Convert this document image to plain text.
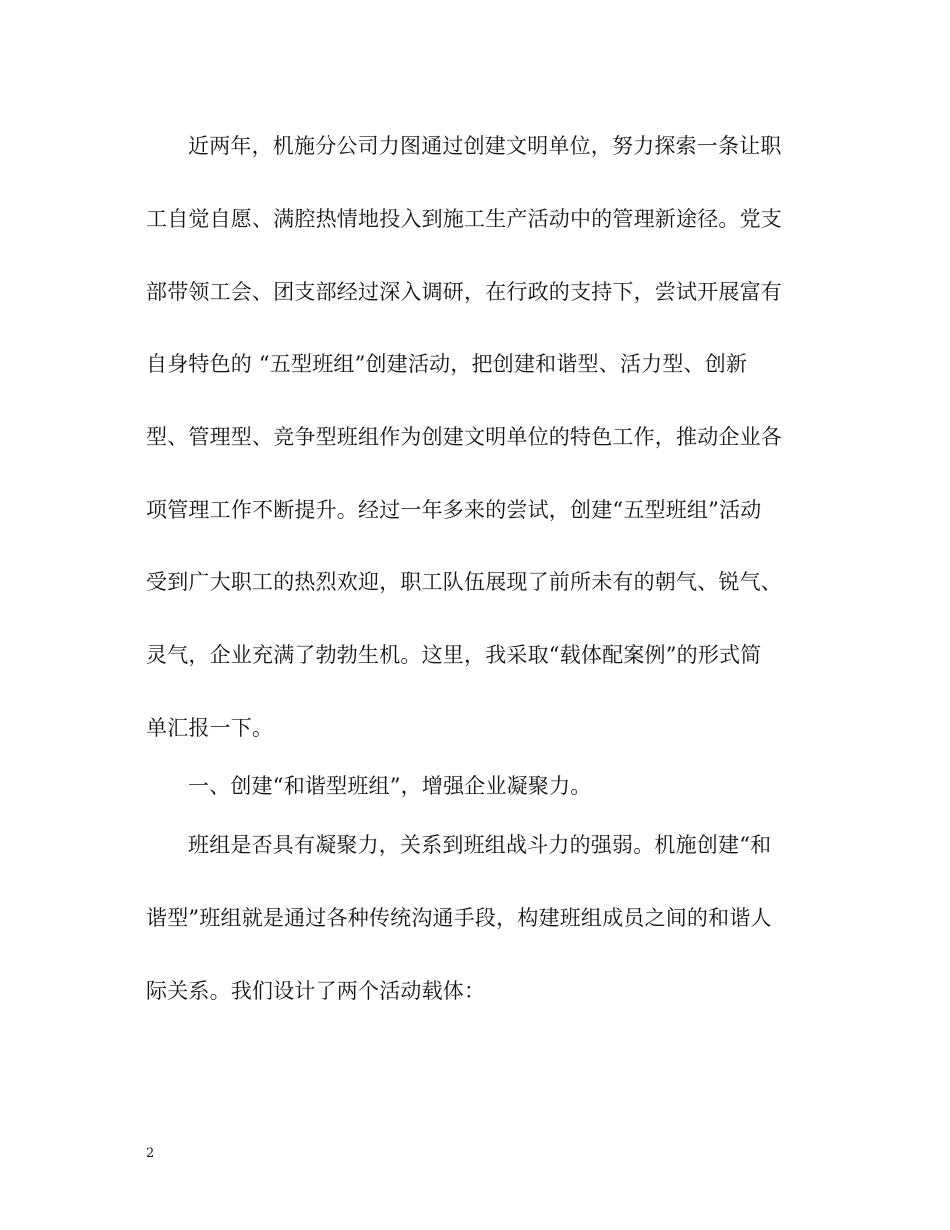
近两年，机施分公司力图通过创建文明单位，努力探索一条让职
工自觉自愿、满腔热情地投入到施工生产活动中的管理新途径。党支
部带领工会、团支部经过深入调研，在行政的支持下，尝试开展富有
自身特色的 “五型班组”创建活动，把创建和谐型、活力型、创新
型、管理型、竞争型班组作为创建文明单位的特色工作，推动企业各
项管理工作不断提升。经过一年多来的尝试，创建“五型班组”活动
受到广大职工的热烈欢迎，职工队伍展现了前所未有的朝气、锐气、
灵气，企业充满了勃勃生机。这里，我采取“载体配案例”的形式简
单汇报一下。
一、创建“和谐型班组”，增强企业凝聚力。
班组是否具有凝聚力，关系到班组战斗力的强弱。机施创建“和
谐型”班组就是通过各种传统沟通手段，构建班组成员之间的和谐人
际关系。我们设计了两个活动载体：
2
